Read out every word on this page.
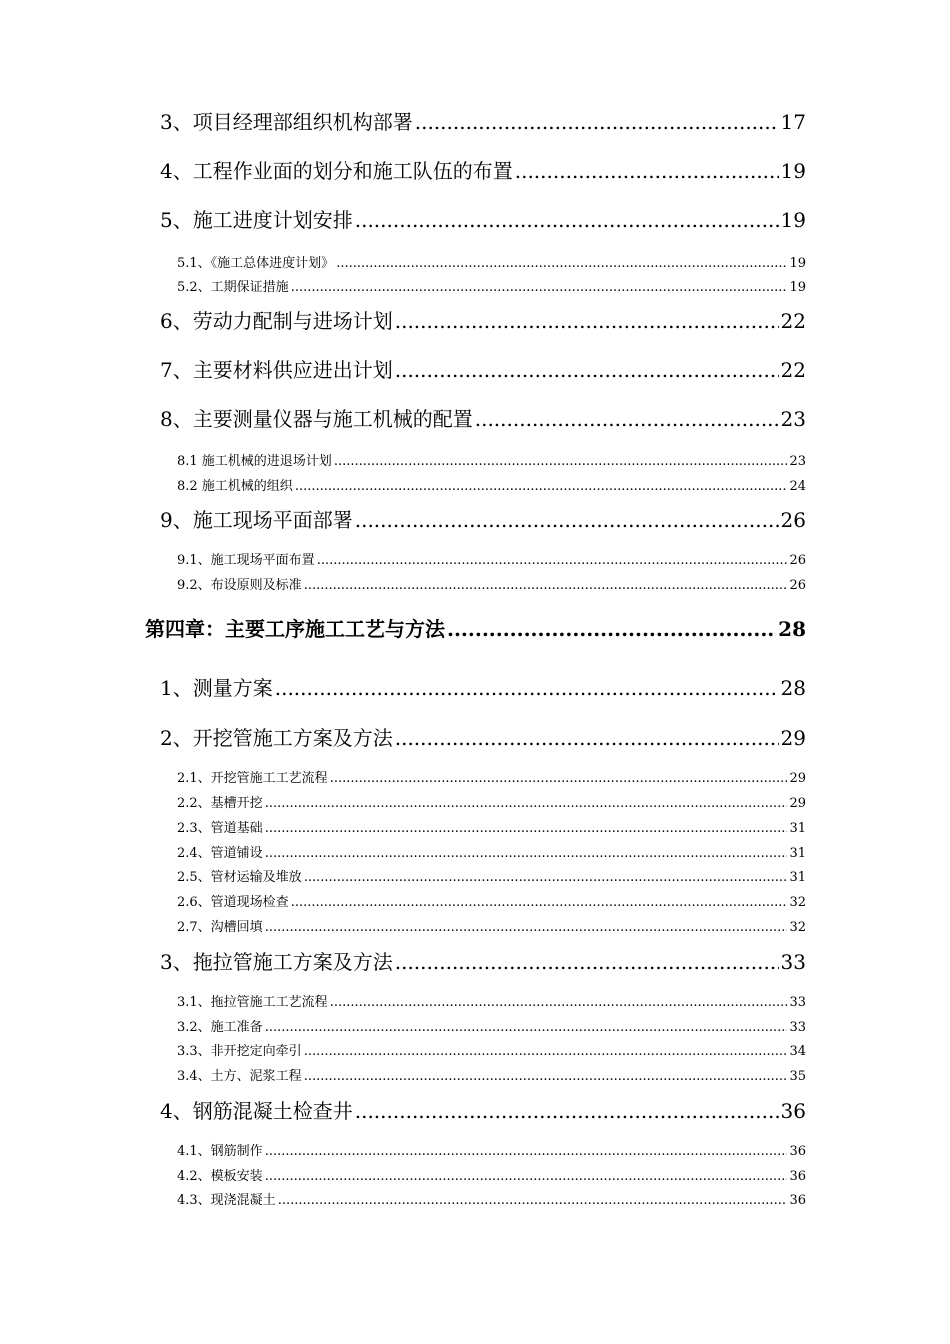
3、项目经理部组织机构部署 .....	17
4、工程作业面的划分和施工队伍的布置 .....	19
5、施工进度计划安排 .....	19
5.1、《施工总体进度计划》 .....	19
5.2、工期保证措施 .....	19
6、劳动力配制与进场计划 .....	22
7、主要材料供应进出计划 .....	22
8、主要测量仪器与施工机械的配置 .....	23
8.1 施工机械的进退场计划 .....	23
8.2 施工机械的组织 .....	24
9、施工现场平面部署 .....	26
9.1、施工现场平面布置 .....	26
9.2、布设原则及标准 .....	26
第四章：主要工序施工工艺与方法 .....	28
1、测量方案 .....	28
2、开挖管施工方案及方法 .....	29
2.1、开挖管施工工艺流程 .....	29
2.2、基槽开挖 .....	29
2.3、管道基础 .....	31
2.4、管道铺设 .....	31
2.5、管材运输及堆放 .....	31
2.6、管道现场检查 .....	32
2.7、沟槽回填 .....	32
3、拖拉管施工方案及方法 .....	33
3.1、拖拉管施工工艺流程 .....	33
3.2、施工准备 .....	33
3.3、非开挖定向牵引 .....	34
3.4、土方、泥浆工程 .....	35
4、钢筋混凝土检查井 .....	36
4.1、钢筋制作 .....	36
4.2、模板安装 .....	36
4.3、现浇混凝土 .....	36
